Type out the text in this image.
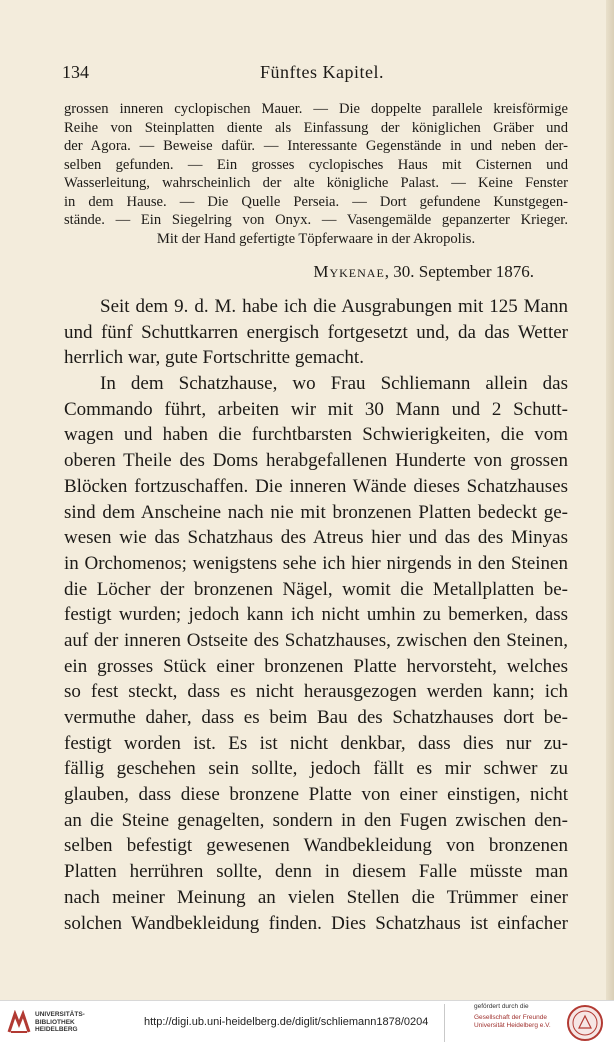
134	Fünftes Kapitel.
grossen inneren cyclopischen Mauer. — Die doppelte parallele kreisförmige
Reihe von Steinplatten diente als Einfassung der königlichen Gräber und
der Agora. — Beweise dafür. — Interessante Gegenstände in und neben der-
selben gefunden. — Ein grosses cyclopisches Haus mit Cisternen und
Wasserleitung, wahrscheinlich der alte königliche Palast. — Keine Fenster
in dem Hause. — Die Quelle Perseia. — Dort gefundene Kunstgegen-
stände. — Ein Siegelring von Onyx. — Vasengemälde gepanzerter Krieger.
Mit der Hand gefertigte Töpferwaare in der Akropolis.
Mykenae, 30. September 1876.
Seit dem 9. d. M. habe ich die Ausgrabungen mit 125 Mann
und fünf Schuttkarren energisch fortgesetzt und, da das Wetter
herrlich war, gute Fortschritte gemacht.
In dem Schatzhause, wo Frau Schliemann allein das
Commando führt, arbeiten wir mit 30 Mann und 2 Schutt-
wagen und haben die furchtbarsten Schwierigkeiten, die vom
oberen Theile des Doms herabgefallenen Hunderte von grossen
Blöcken fortzuschaffen. Die inneren Wände dieses Schatzhauses
sind dem Anscheine nach nie mit bronzenen Platten bedeckt ge-
wesen wie das Schatzhaus des Atreus hier und das des Minyas
in Orchomenos; wenigstens sehe ich hier nirgends in den Steinen
die Löcher der bronzenen Nägel, womit die Metallplatten be-
festigt wurden; jedoch kann ich nicht umhin zu bemerken, dass
auf der inneren Ostseite des Schatzhauses, zwischen den Steinen,
ein grosses Stück einer bronzenen Platte hervorsteht, welches
so fest steckt, dass es nicht herausgezogen werden kann; ich
vermuthe daher, dass es beim Bau des Schatzhauses dort be-
festigt worden ist. Es ist nicht denkbar, dass dies nur zu-
fällig geschehen sein sollte, jedoch fällt es mir schwer zu
glauben, dass diese bronzene Platte von einer einstigen, nicht
an die Steine genagelten, sondern in den Fugen zwischen den-
selben befestigt gewesenen Wandbekleidung von bronzenen
Platten herrühren sollte, denn in diesem Falle müsste man
nach meiner Meinung an vielen Stellen die Trümmer einer
solchen Wandbekleidung finden. Dies Schatzhaus ist einfacher
UNIVERSITÄTS-
BIBLIOTHEK
HEIDELBERG
http://digi.ub.uni-heidelberg.de/diglit/schliemann1878/0204
gefördert durch die
Gesellschaft der Freunde
Universität Heidelberg e.V.
